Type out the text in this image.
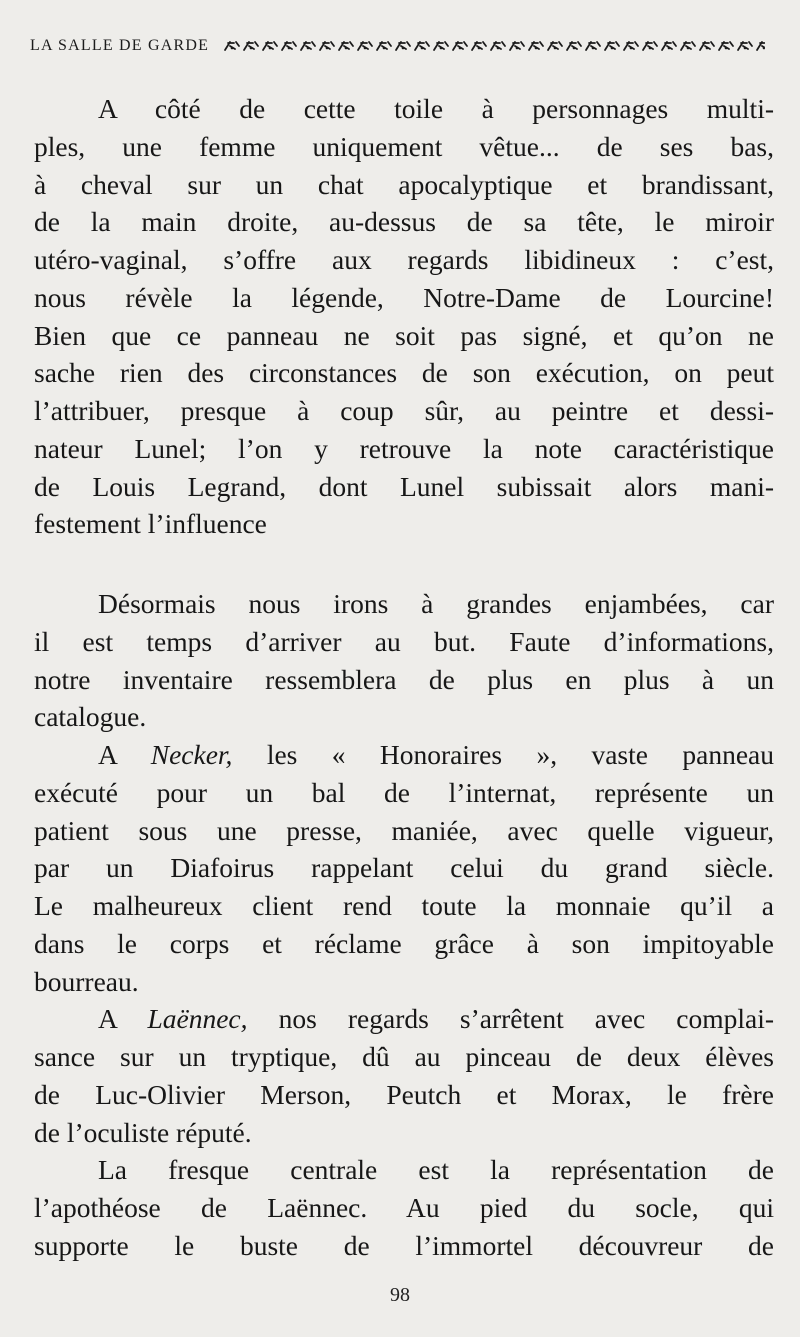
LA SALLE DE GARDE
A côté de cette toile à personnages multi-
ples, une femme uniquement vêtue... de ses bas,
à cheval sur un chat apocalyptique et brandissant,
de la main droite, au-dessus de sa tête, le miroir
utéro-vaginal, s’offre aux regards libidineux : c’est,
nous révèle la légende, Notre-Dame de Lourcine!
Bien que ce panneau ne soit pas signé, et qu’on ne
sache rien des circonstances de son exécution, on peut
l’attribuer, presque à coup sûr, au peintre et dessi-
nateur Lunel; l’on y retrouve la note caractéristique
de Louis Legrand, dont Lunel subissait alors mani-
festement l’influence
Désormais nous irons à grandes enjambées, car
il est temps d’arriver au but. Faute d’informations,
notre inventaire ressemblera de plus en plus à un
catalogue.
A Necker, les « Honoraires », vaste panneau
exécuté pour un bal de l’internat, représente un
patient sous une presse, maniée, avec quelle vigueur,
par un Diafoirus rappelant celui du grand siècle.
Le malheureux client rend toute la monnaie qu’il a
dans le corps et réclame grâce à son impitoyable
bourreau.
A Laënnec, nos regards s’arrêtent avec complai-
sance sur un tryptique, dû au pinceau de deux élèves
de Luc-Olivier Merson, Peutch et Morax, le frère
de l’oculiste réputé.
La fresque centrale est la représentation de
l’apothéose de Laënnec. Au pied du socle, qui
supporte le buste de l’immortel découvreur de
98
